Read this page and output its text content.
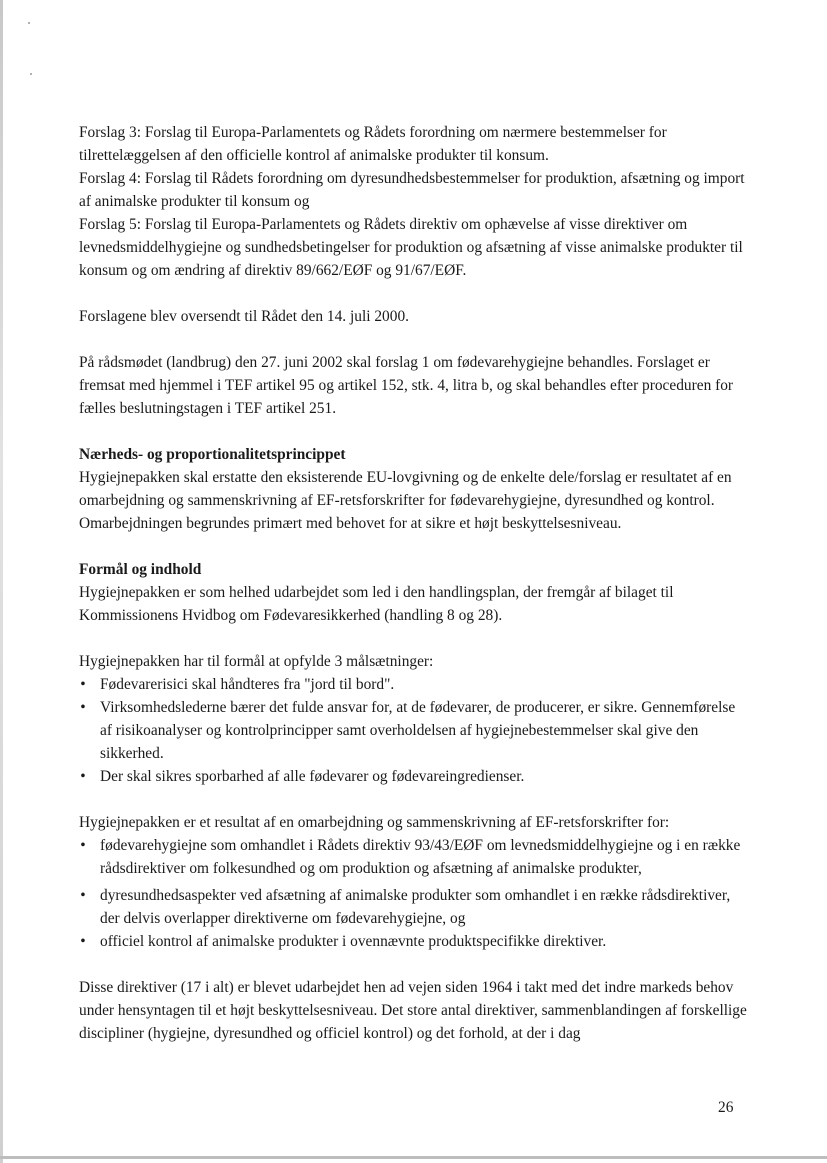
Forslag 3: Forslag til Europa-Parlamentets og Rådets forordning om nærmere bestemmelser for tilrettelæggelsen af den officielle kontrol af animalske produkter til konsum.

Forslag 4: Forslag til Rådets forordning om dyresundhedsbestemmelser for produktion, afsætning og import af animalske produkter til konsum og

Forslag 5: Forslag til Europa-Parlamentets og Rådets direktiv om ophævelse af visse direktiver om levnedsmiddelhygiejne og sundhedsbetingelser for produktion og afsætning af visse animalske produkter til konsum og om ændring af direktiv 89/662/EØF og 91/67/EØF.

Forslagene blev oversendt til Rådet den 14. juli 2000.

På rådsmødet (landbrug) den 27. juni 2002 skal forslag 1 om fødevarehygiejne behandles. Forslaget er fremsat med hjemmel i TEF artikel 95 og artikel 152, stk. 4, litra b, og skal behandles efter proceduren for fælles beslutningstagen i TEF artikel 251.

Nærheds- og proportionalitetsprincippet

Hygiejnepakken skal erstatte den eksisterende EU-lovgivning og de enkelte dele/forslag er resultatet af en omarbejdning og sammenskrivning af EF-retsforskrifter for fødevarehygiejne, dyresundhed og kontrol. Omarbejdningen begrundes primært med behovet for at sikre et højt beskyttelsesniveau.

Formål og indhold

Hygiejnepakken er som helhed udarbejdet som led i den handlingsplan, der fremgår af bilaget til Kommissionens Hvidbog om Fødevaresikkerhed (handling 8 og 28).

Hygiejnepakken har til formål at opfylde 3 målsætninger:

• Fødevarerisici skal håndteres fra "jord til bord".
• Virksomhedslederne bærer det fulde ansvar for, at de fødevarer, de producerer, er sikre. Gennemførelse af risikoanalyser og kontrolprincipper samt overholdelsen af hygiejnebestemmelser skal give den sikkerhed.
• Der skal sikres sporbarhed af alle fødevarer og fødevareingredienser.

Hygiejnepakken er et resultat af en omarbejdning og sammenskrivning af EF-retsforskrifter for:

• fødevarehygiejne som omhandlet i Rådets direktiv 93/43/EØF om levnedsmiddelhygiejne og i en række rådsdirektiver om folkesundhed og om produktion og afsætning af animalske produkter,
• dyresundhedsaspekter ved afsætning af animalske produkter som omhandlet i en række rådsdirektiver, der delvis overlapper direktiverne om fødevarehygiejne, og
• officiel kontrol af animalske produkter i ovennævnte produktspecifikke direktiver.

Disse direktiver (17 i alt) er blevet udarbejdet hen ad vejen siden 1964 i takt med det indre markeds behov under hensyntagen til et højt beskyttelsesniveau. Det store antal direktiver, sammenblandingen af forskellige discipliner (hygiejne, dyresundhed og officiel kontrol) og det forhold, at der i dag

26
